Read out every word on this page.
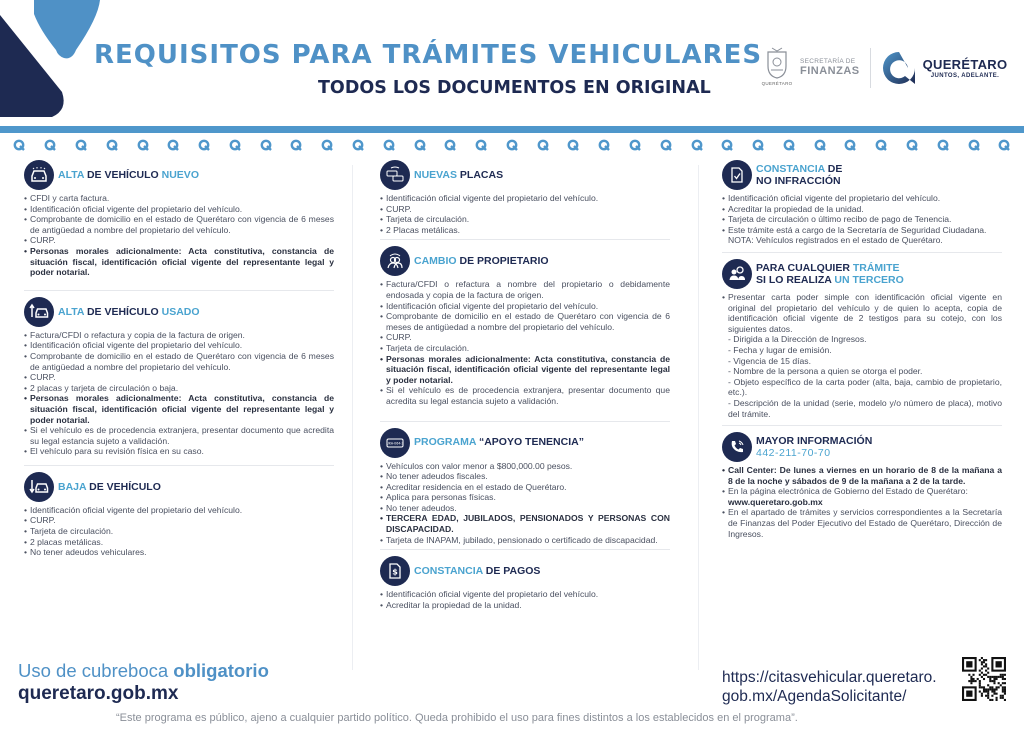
REQUISITOS PARA TRÁMITES VEHICULARES
TODOS LOS DOCUMENTOS EN ORIGINAL	QUERÉTARO
SECRETARÍA DE
FINANZAS	QUERÉTARO
JUNTOS, ADELANTE.
ALTA DE VEHÍCULO NUEVO
• CFDI y carta factura.
• Identificación oficial vigente del propietario del vehículo.
• Comprobante de domicilio en el estado de Querétaro con vigencia de 6 meses de antigüedad a nombre del propietario del vehículo.
• CURP.
• Personas morales adicionalmente: Acta constitutiva, constancia de situación fiscal, identificación oficial vigente del representante legal y poder notarial.
ALTA DE VEHÍCULO USADO
• Factura/CFDI o refactura y copia de la factura de origen.
• Identificación oficial vigente del propietario del vehículo.
• Comprobante de domicilio en el estado de Querétaro con vigencia de 6 meses de antigüedad a nombre del propietario del vehículo.
• CURP.
• 2 placas y tarjeta de circulación o baja.
• Personas morales adicionalmente: Acta constitutiva, constancia de situación fiscal, identificación oficial vigente del representante legal y poder notarial.
• Si el vehículo es de procedencia extranjera, presentar documento que acredita su legal estancia sujeto a validación.
• El vehículo para su revisión física en su caso.
BAJA DE VEHÍCULO
• Identificación oficial vigente del propietario del vehículo.
• CURP.
• Tarjeta de circulación.
• 2 placas metálicas.
• No tener adeudos vehiculares.
NUEVAS PLACAS
• Identificación oficial vigente del propietario del vehículo.
• CURP.
• Tarjeta de circulación.
• 2 Placas metálicas.
CAMBIO DE PROPIETARIO
• Factura/CFDI o refactura a nombre del propietario o debidamente endosada y copia de la factura de origen.
• Identificación oficial vigente del propietario del vehículo.
• Comprobante de domicilio en el estado de Querétaro con vigencia de 6 meses de antigüedad a nombre del propietario del vehículo.
• CURP.
• Tarjeta de circulación.
• Personas morales adicionalmente: Acta constitutiva, constancia de situación fiscal, identificación oficial vigente del representante legal y poder notarial.
• Si el vehículo es de procedencia extranjera, presentar documento que acredita su legal estancia sujeto a validación.
UKA-064-3 PROGRAMA “APOYO TENENCIA”
• Vehículos con valor menor a $800,000.00 pesos.
• No tener adeudos fiscales.
• Acreditar residencia en el estado de Querétaro.
• Aplica para personas físicas.
• No tener adeudos.
• TERCERA EDAD, JUBILADOS, PENSIONADOS Y PERSONAS CON DISCAPACIDAD.
• Tarjeta de INAPAM, jubilado, pensionado o certificado de discapacidad.
$ CONSTANCIA DE PAGOS
• Identificación oficial vigente del propietario del vehículo.
• Acreditar la propiedad de la unidad.
CONSTANCIA DE
NO INFRACCIÓN
• Identificación oficial vigente del propietario del vehículo.
• Acreditar la propiedad de la unidad.
• Tarjeta de circulación o último recibo de pago de Tenencia.
• Este trámite está a cargo de la Secretaría de Seguridad Ciudadana.
NOTA: Vehículos registrados en el estado de Querétaro.
PARA CUALQUIER TRÁMITE
SI LO REALIZA UN TERCERO
• Presentar carta poder simple con identificación oficial vigente en original del propietario del vehículo y de quien lo acepta, copia de identificación oficial vigente de 2 testigos para su cotejo, con los siguientes datos.
- Dirigida a la Dirección de Ingresos.
- Fecha y lugar de emisión.
- Vigencia de 15 días.
- Nombre de la persona a quien se otorga el poder.
- Objeto específico de la carta poder (alta, baja, cambio de propietario, etc.).
- Descripción de la unidad (serie, modelo y/o número de placa), motivo del trámite.
MAYOR INFORMACIÓN
442-211-70-70
• Call Center: De lunes a viernes en un horario de 8 de la mañana a 8 de la noche y sábados de 9 de la mañana a 2 de la tarde.
• En la página electrónica de Gobierno del Estado de Querétaro:
www.queretaro.gob.mx
• En el apartado de trámites y servicios correspondientes a la Secretaría de Finanzas del Poder Ejecutivo del Estado de Querétaro, Dirección de Ingresos.
Uso de cubreboca obligatorio
queretaro.gob.mx
https://citasvehicular.queretaro.
gob.mx/AgendaSolicitante/
“Este programa es público, ajeno a cualquier partido político. Queda prohibido el uso para fines distintos a los establecidos en el programa”.
